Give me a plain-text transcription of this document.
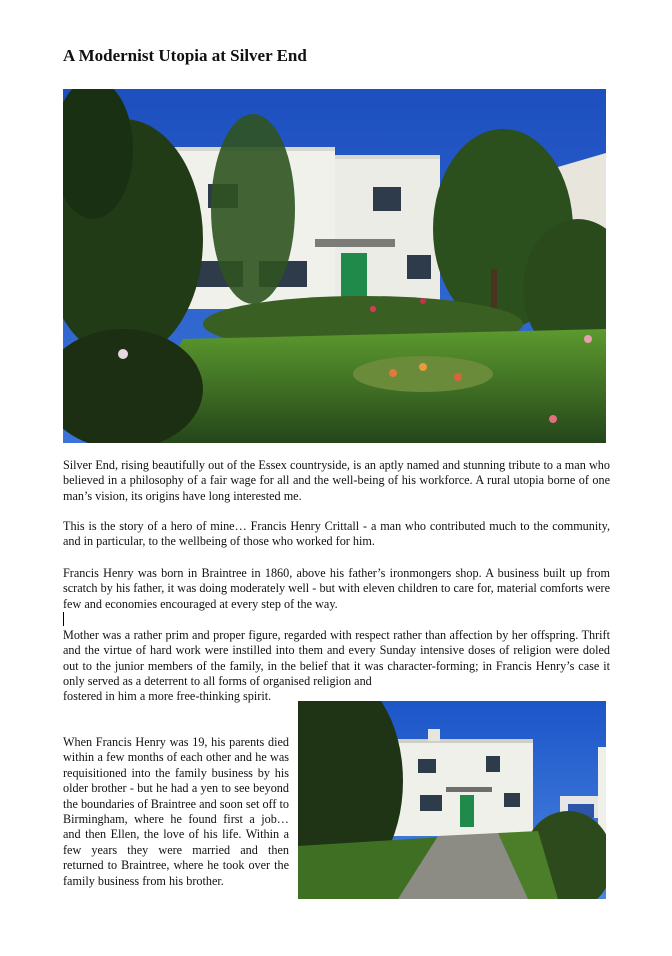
A Modernist Utopia at Silver End

Silver End, rising beautifully out of the Essex countryside, is an aptly named and stunning tribute to a man who believed in a philosophy of a fair wage for all and the well-being of his workforce. A rural utopia borne of one man’s vision, its origins have long interested me.

This is the story of a hero of mine… Francis Henry Crittall - a man who contributed much to the community, and in particular, to the wellbeing of those who worked for him.

Francis Henry was born in Braintree in 1860, above his father’s ironmongers shop. A business built up from scratch by his father, it was doing moderately well - but with eleven children to care for, material comforts were few and economies encouraged at every step of the way.

Mother was a rather prim and proper figure, regarded with respect rather than affection by her offspring. Thrift and the virtue of hard work were instilled into them and every Sunday intensive doses of religion were doled out to the junior members of the family, in the belief that it was character-forming; in Francis Henry’s case it only served as a deterrent to all forms of organised religion and

fostered in him a more free-thinking spirit.

When Francis Henry was 19, his parents died within a few months of each other and he was requisitioned into the family business by his older brother - but he had a yen to see beyond the boundaries of Braintree and soon set off to Birmingham, where he found first a job… and then Ellen, the love of his life. Within a few years they were married and then returned to Braintree, where he took over the family business from his brother.
